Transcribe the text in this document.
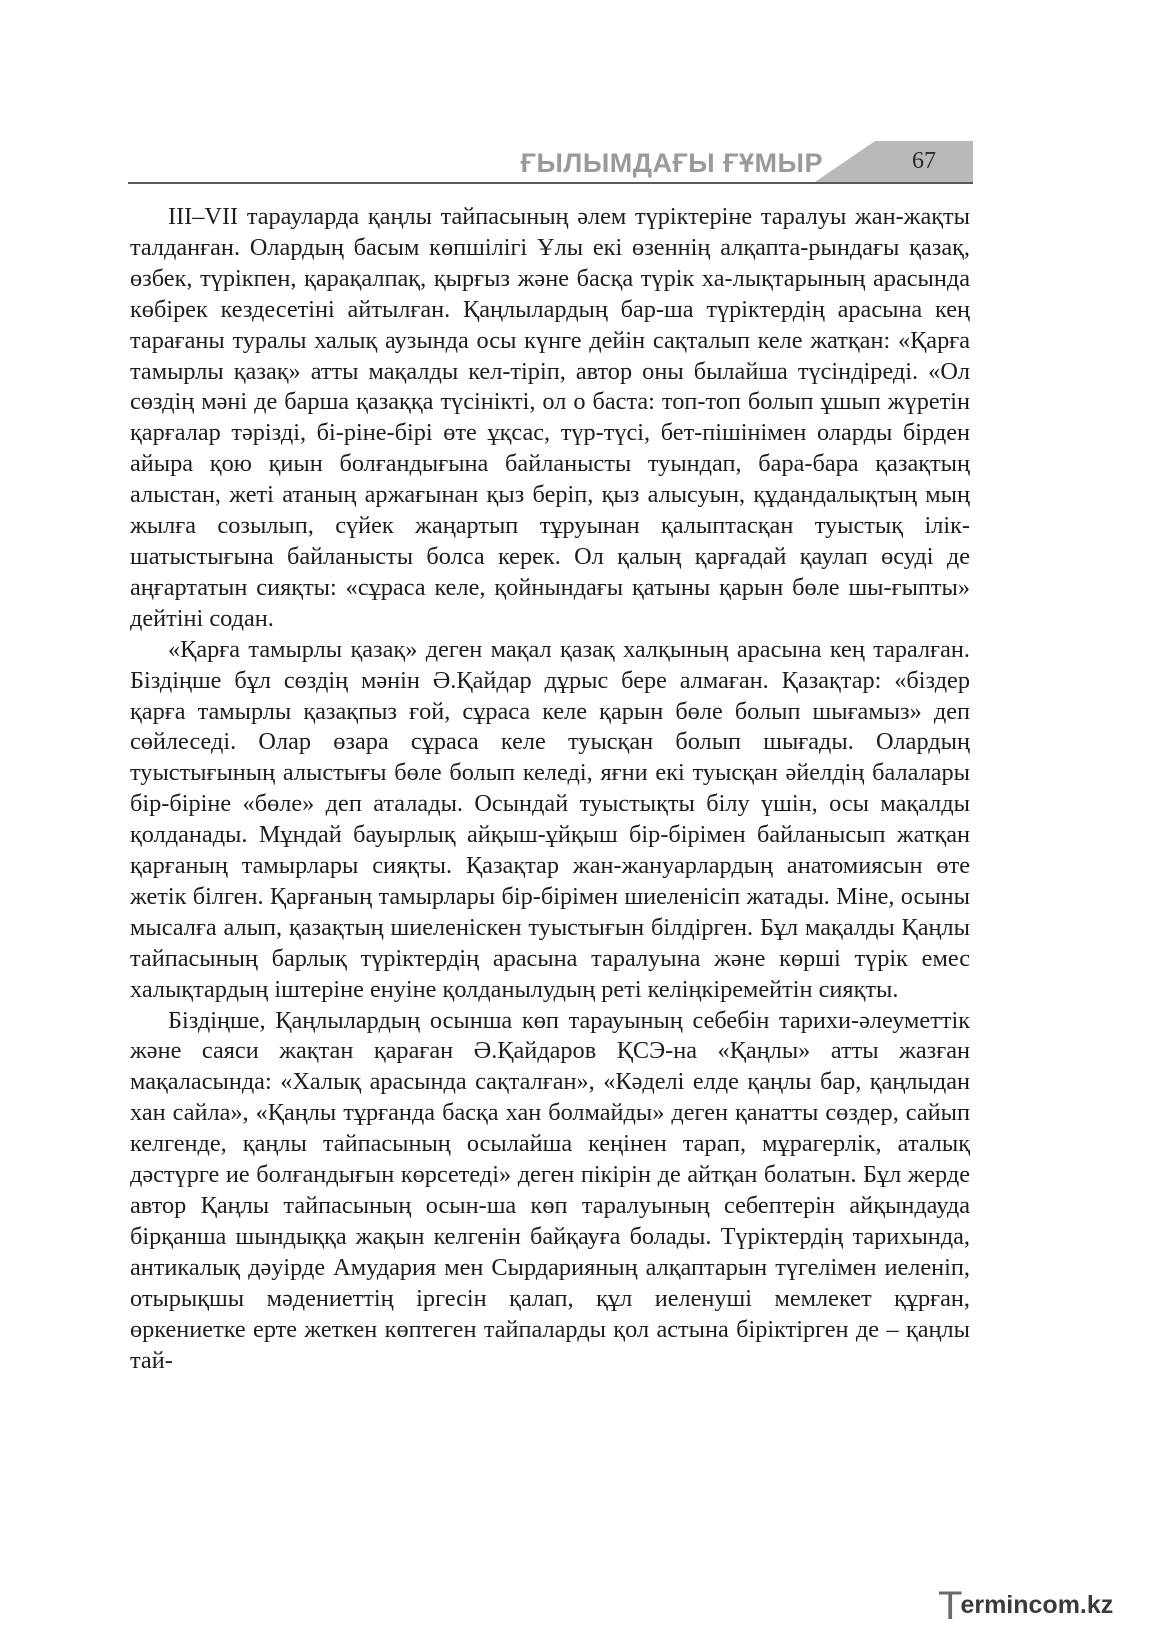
ҒЫЛЫМДАҒЫ ҒҰМЫР	67

III–VII тарауларда қаңлы тайпасының әлем түріктеріне таралуы жан-жақты талданған. Олардың басым көпшілігі Ұлы екі өзеннің алқапта-рындағы қазақ, өзбек, түрікпен, қарақалпақ, қырғыз және басқа түрік ха-лықтарының арасында көбірек кездесетіні айтылған. Қаңлылардың бар-ша түріктердің арасына кең тарағаны туралы халық аузында осы күнге дейін сақталып келе жатқан: «Қарға тамырлы қазақ» атты мақалды кел-тіріп, автор оны былайша түсіндіреді. «Ол сөздің мәні де барша қазаққа түсінікті, ол о баста: топ-топ болып ұшып жүретін қарғалар тәрізді, бі-ріне-бірі өте ұқсас, түр-түсі, бет-пішінімен оларды бірден айыра қою қиын болғандығына байланысты туындап, бара-бара қазақтың алыстан, жеті атаның аржағынан қыз беріп, қыз алысуын, құдандалықтың мың жылға созылып, сүйек жаңартып тұруынан қалыптасқан туыстық ілік-шатыстығына байланысты болса керек. Ол қалың қарғадай қаулап өсуді де аңғартатын сияқты: «сұраса келе, қойнындағы қатыны қарын бөле шы-ғыпты» дейтіні содан.

«Қарға тамырлы қазақ» деген мақал қазақ халқының арасына кең таралған. Біздіңше бұл сөздің мәнін Ә.Қайдар дұрыс бере алмаған. Қазақтар: «біздер қарға тамырлы қазақпыз ғой, сұраса келе қарын бөле болып шығамыз» деп сөйлеседі. Олар өзара сұраса келе туысқан болып шығады. Олардың туыстығының алыстығы бөле болып келеді, яғни екі туысқан әйелдің балалары бір-біріне «бөле» деп аталады. Осындай туыстықты білу үшін, осы мақалды қолданады. Мұндай бауырлық айқыш-ұйқыш бір-бірімен байланысып жатқан қарғаның тамырлары сияқты. Қазақтар жан-жануарлардың анатомиясын өте жетік білген. Қарғаның тамырлары бір-бірімен шиеленісіп жатады. Міне, осыны мысалға алып, қазақтың шиеленіскен туыстығын білдірген. Бұл мақалды Қаңлы тайпасының барлық түріктердің арасына таралуына және көрші түрік емес халықтардың іштеріне енуіне қолданылудың реті келіңкіремейтін сияқты.

Біздіңше, Қаңлылардың осынша көп тарауының себебін тарихи-әлеуметтік және саяси жақтан қараған Ә.Қайдаров ҚСЭ-на «Қаңлы» атты жазған мақаласында: «Халық арасында сақталған», «Кәделі елде қаңлы бар, қаңлыдан хан сайла», «Қаңлы тұрғанда басқа хан болмайды» деген қанатты сөздер, сайып келгенде, қаңлы тайпасының осылайша кеңінен тарап, мұрагерлік, аталық дәстүрге ие болғандығын көрсетеді» деген пікірін де айтқан болатын. Бұл жерде автор Қаңлы тайпасының осын-ша көп таралуының себептерін айқындауда бірқанша шындыққа жақын келгенін байқауға болады. Түріктердің тарихында, антикалық дәуірде Амудария мен Сырдарияның алқаптарын түгелімен иеленіп, отырықшы мәдениеттің іргесін қалап, құл иеленуші мемлекет құрған, өркениетке ерте жеткен көптеген тайпаларды қол астына біріктірген де – қаңлы тай-

Termincоm.kz
